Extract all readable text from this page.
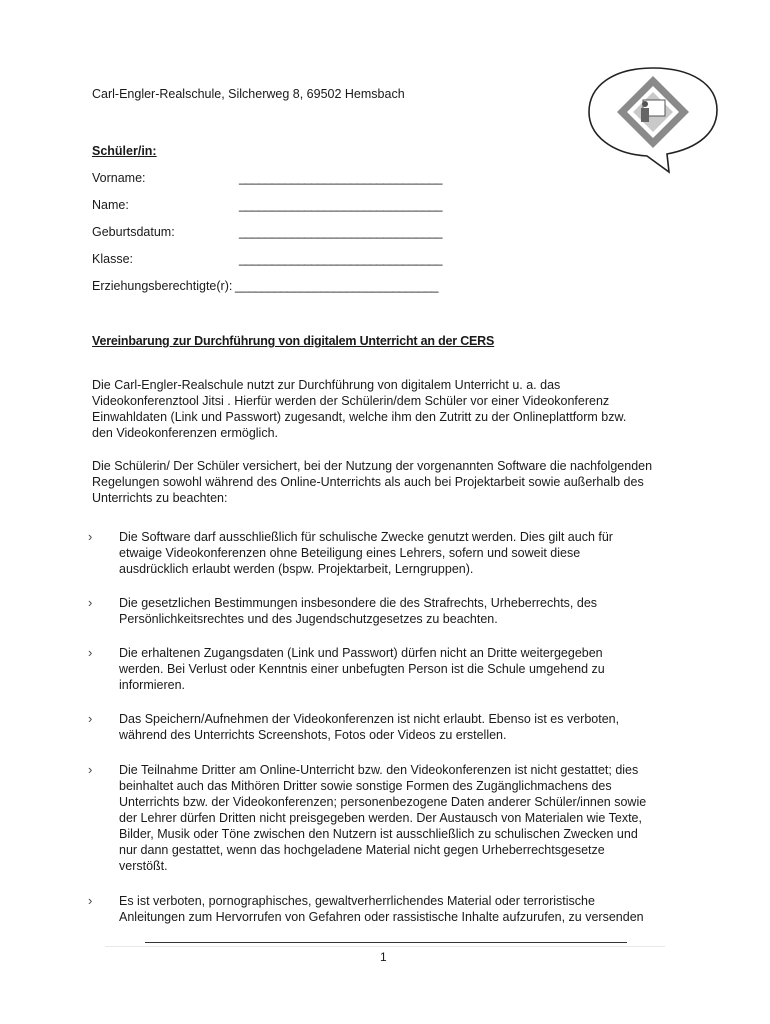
Carl-Engler-Realschule, Silcherweg 8, 69502 Hemsbach
Schüler/in:
Vorname:	_______________________________
Name:	_______________________________
Geburtsdatum:	_______________________________
Klasse:	_______________________________
Erziehungsberechtigte(r): _______________________________
Vereinbarung zur Durchführung von digitalem Unterricht an der CERS
Die Carl-Engler-Realschule nutzt zur Durchführung von digitalem Unterricht u. a. das
Videokonferenztool Jitsi . Hierfür werden der Schülerin/dem Schüler vor einer Videokonferenz
Einwahldaten (Link und Passwort) zugesandt, welche ihm den Zutritt zu der Onlineplattform bzw.
den Videokonferenzen ermöglich.
Die Schülerin/ Der Schüler versichert, bei der Nutzung der vorgenannten Software die nachfolgenden
Regelungen sowohl während des Online-Unterrichts als auch bei Projektarbeit sowie außerhalb des
Unterrichts zu beachten:
› Die Software darf ausschließlich für schulische Zwecke genutzt werden. Dies gilt auch für
etwaige Videokonferenzen ohne Beteiligung eines Lehrers, sofern und soweit diese
ausdrücklich erlaubt werden (bspw. Projektarbeit, Lerngruppen).
› Die gesetzlichen Bestimmungen insbesondere die des Strafrechts, Urheberrechts, des
Persönlichkeitsrechtes und des Jugendschutzgesetzes zu beachten.
› Die erhaltenen Zugangsdaten (Link und Passwort) dürfen nicht an Dritte weitergegeben
werden. Bei Verlust oder Kenntnis einer unbefugten Person ist die Schule umgehend zu
informieren.
› Das Speichern/Aufnehmen der Videokonferenzen ist nicht erlaubt. Ebenso ist es verboten,
während des Unterrichts Screenshots, Fotos oder Videos zu erstellen.
› Die Teilnahme Dritter am Online-Unterricht bzw. den Videokonferenzen ist nicht gestattet; dies
beinhaltet auch das Mithören Dritter sowie sonstige Formen des Zugänglichmachens des
Unterrichts bzw. der Videokonferenzen; personenbezogene Daten anderer Schüler/innen sowie
der Lehrer dürfen Dritten nicht preisgegeben werden. Der Austausch von Materialen wie Texte,
Bilder, Musik oder Töne zwischen den Nutzern ist ausschließlich zu schulischen Zwecken und
nur dann gestattet, wenn das hochgeladene Material nicht gegen Urheberrechtsgesetze
verstößt.
› Es ist verboten, pornographisches, gewaltverherrlichendes Material oder terroristische
Anleitungen zum Hervorrufen von Gefahren oder rassistische Inhalte aufzurufen, zu versenden
1
